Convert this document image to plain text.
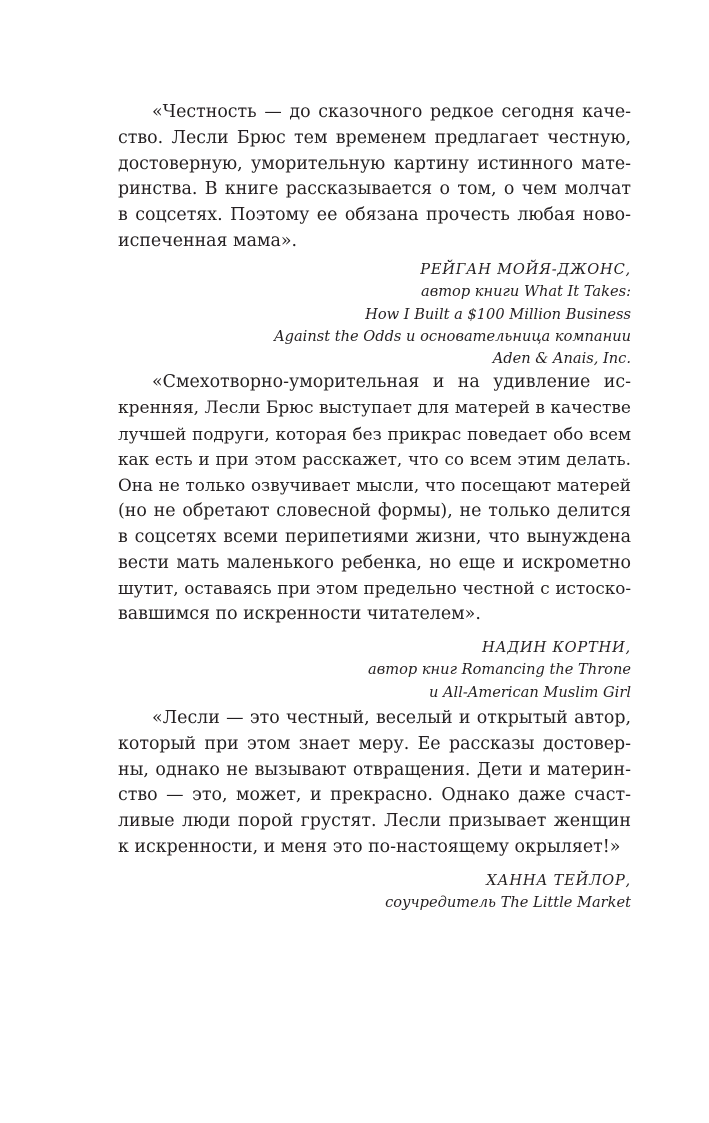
«Честность — до сказочного редкое сегодня каче-
ство. Лесли Брюс тем временем предлагает честную,
достоверную, уморительную картину истинного мате-
ринства. В книге рассказывается о том, о чем молчат
в соцсетях. Поэтому ее обязана прочесть любая ново-
испеченная мама».

РЕЙГАН МОЙЯ-ДЖОНС,
автор книги What It Takes:
How I Built a $100 Million Business
Against the Odds и основательница компании
Aden & Anais, Inc.

«Смехотворно-уморительная и на удивление ис-
кренняя, Лесли Брюс выступает для матерей в качестве
лучшей подруги, которая без прикрас поведает обо всем
как есть и при этом расскажет, что со всем этим делать.
Она не только озвучивает мысли, что посещают матерей
(но не обретают словесной формы), не только делится
в соцсетях всеми перипетиями жизни, что вынуждена
вести мать маленького ребенка, но еще и искрометно
шутит, оставаясь при этом предельно честной с истоско-
вавшимся по искренности читателем».

НАДИН КОРТНИ,
автор книг Romancing the Throne
и All-American Muslim Girl

«Лесли — это честный, веселый и открытый автор,
который при этом знает меру. Ее рассказы достовер-
ны, однако не вызывают отвращения. Дети и материн-
ство — это, может, и прекрасно. Однако даже счаст-
ливые люди порой грустят. Лесли призывает женщин
к искренности, и меня это по-настоящему окрыляет!»

ХАННА ТЕЙЛОР,
соучредитель The Little Market
